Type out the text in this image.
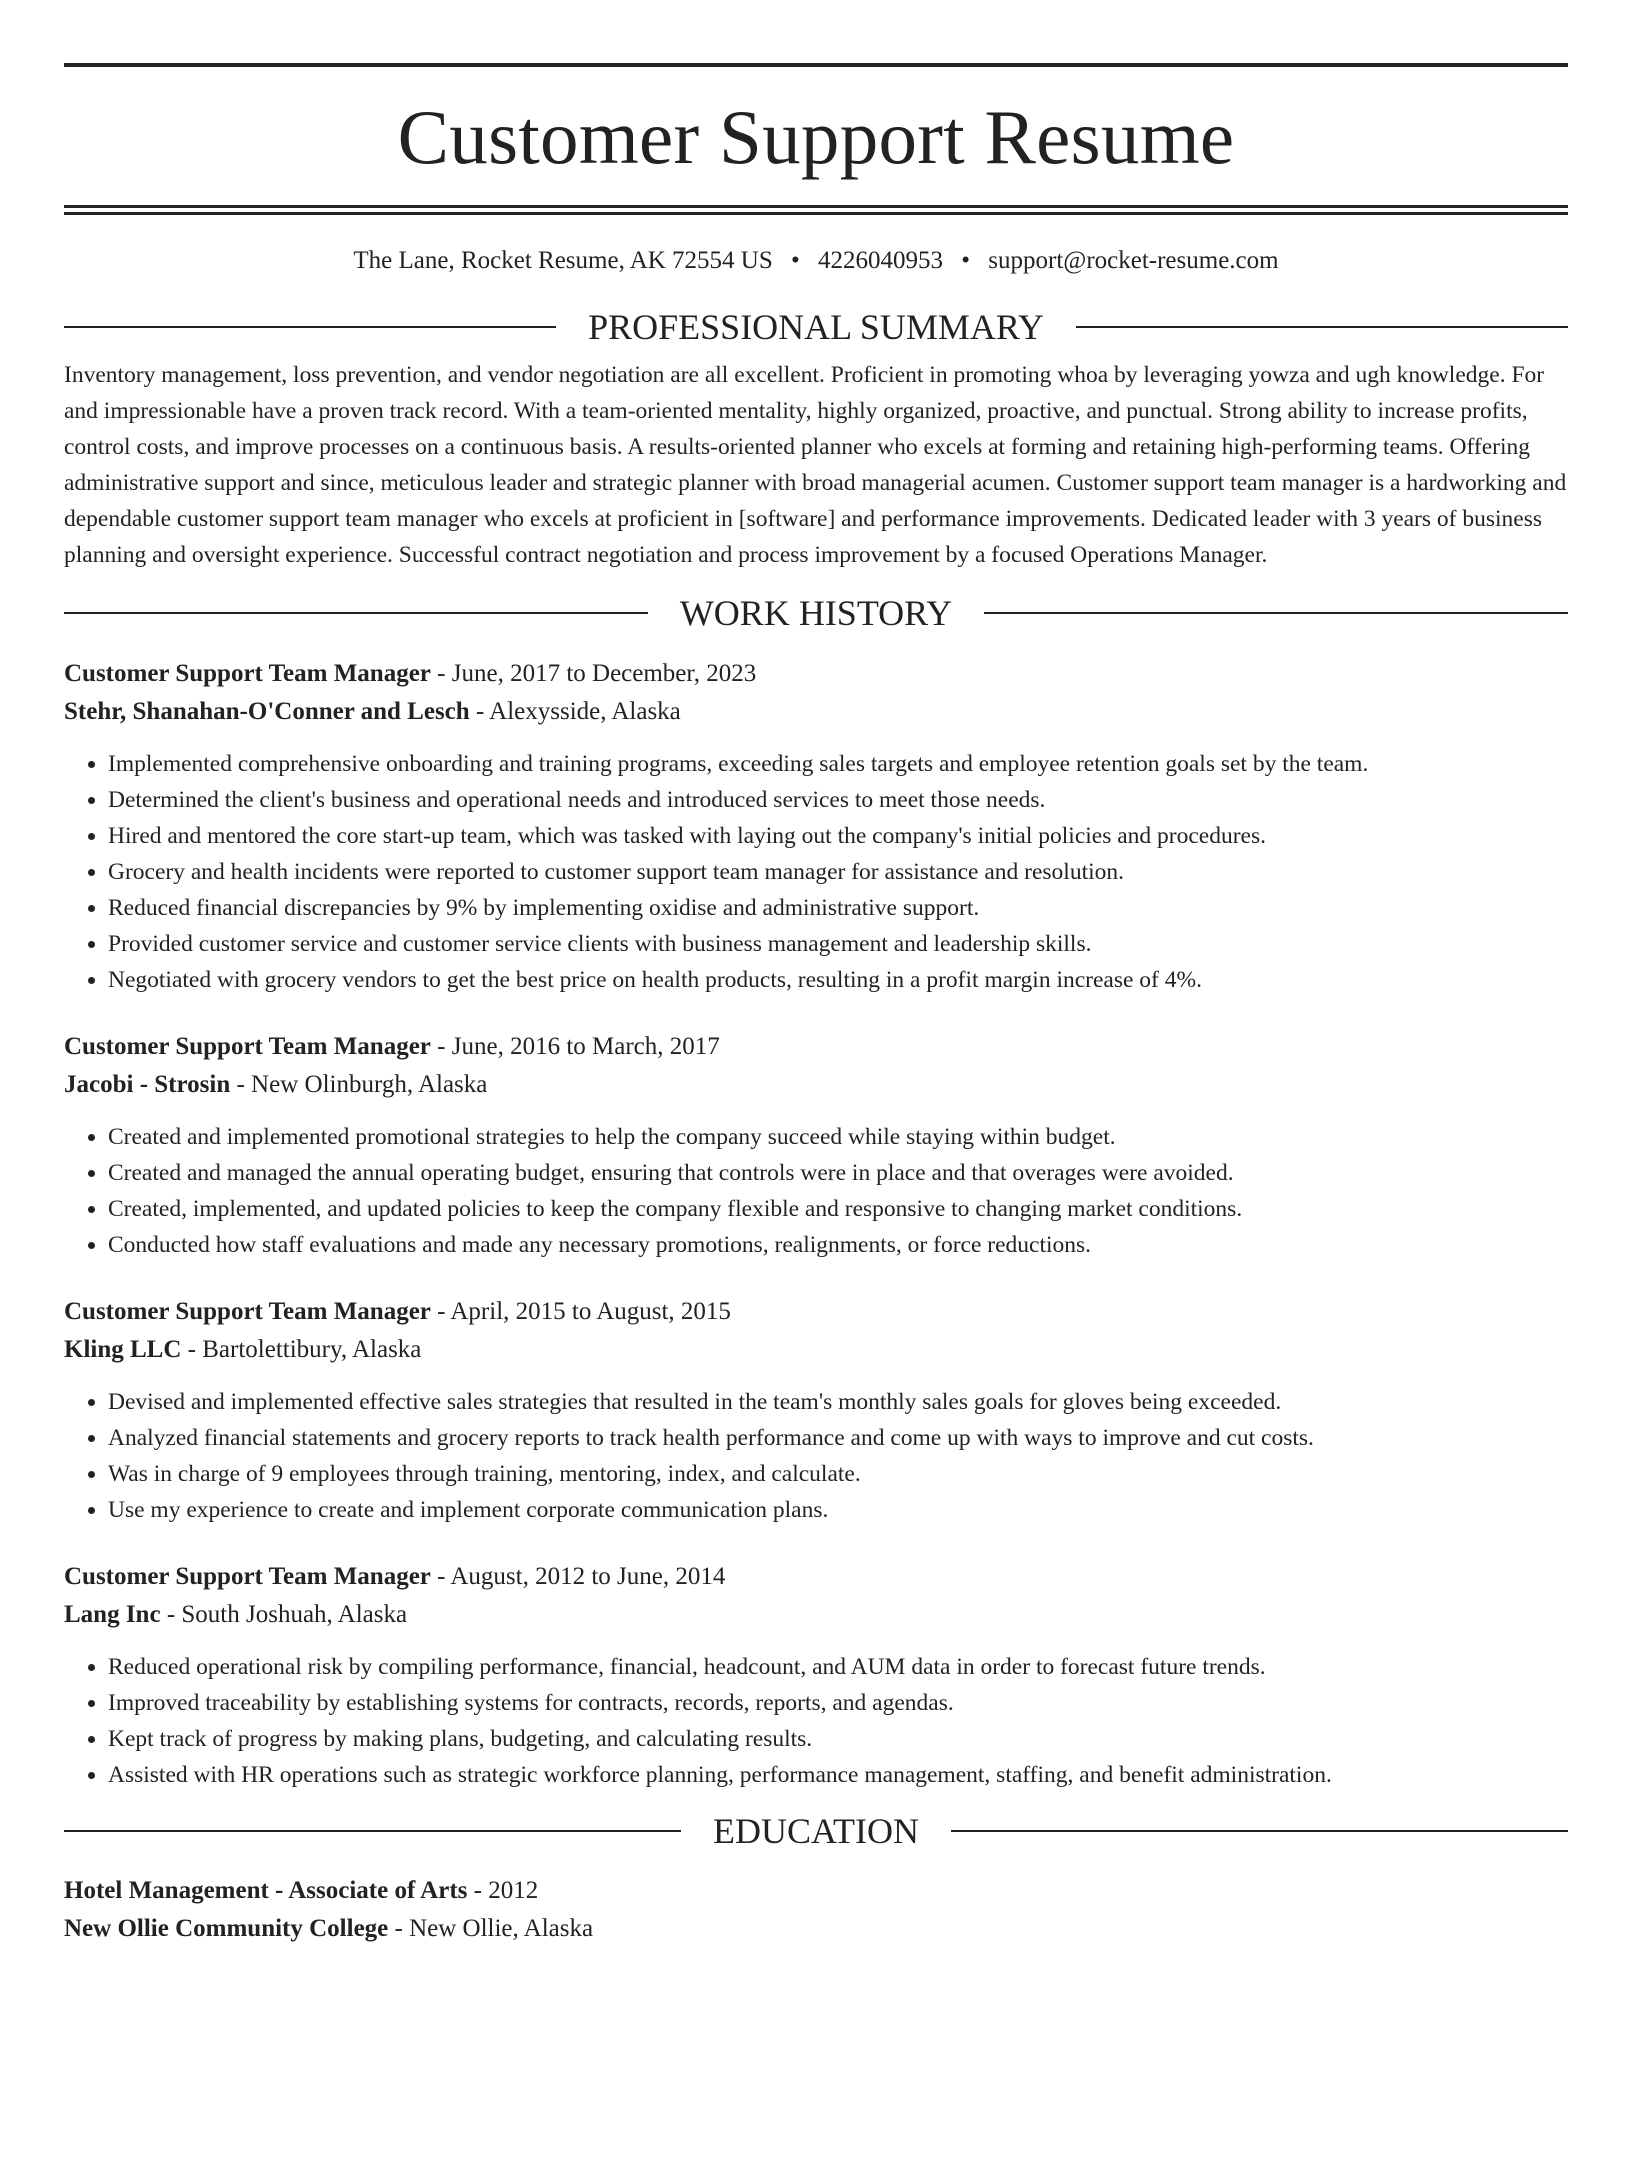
Customer Support Resume
The Lane, Rocket Resume, AK 72554 US • 4226040953 • support@rocket-resume.com
PROFESSIONAL SUMMARY
Inventory management, loss prevention, and vendor negotiation are all excellent. Proficient in promoting whoa by leveraging yowza and ugh knowledge. For and impressionable have a proven track record. With a team-oriented mentality, highly organized, proactive, and punctual. Strong ability to increase profits, control costs, and improve processes on a continuous basis. A results-oriented planner who excels at forming and retaining high-performing teams. Offering administrative support and since, meticulous leader and strategic planner with broad managerial acumen. Customer support team manager is a hardworking and dependable customer support team manager who excels at proficient in [software] and performance improvements. Dedicated leader with 3 years of business planning and oversight experience. Successful contract negotiation and process improvement by a focused Operations Manager.
WORK HISTORY
Customer Support Team Manager - June, 2017 to December, 2023
Stehr, Shanahan-O'Conner and Lesch - Alexysside, Alaska
• Implemented comprehensive onboarding and training programs, exceeding sales targets and employee retention goals set by the team.
• Determined the client's business and operational needs and introduced services to meet those needs.
• Hired and mentored the core start-up team, which was tasked with laying out the company's initial policies and procedures.
• Grocery and health incidents were reported to customer support team manager for assistance and resolution.
• Reduced financial discrepancies by 9% by implementing oxidise and administrative support.
• Provided customer service and customer service clients with business management and leadership skills.
• Negotiated with grocery vendors to get the best price on health products, resulting in a profit margin increase of 4%.
Customer Support Team Manager - June, 2016 to March, 2017
Jacobi - Strosin - New Olinburgh, Alaska
• Created and implemented promotional strategies to help the company succeed while staying within budget.
• Created and managed the annual operating budget, ensuring that controls were in place and that overages were avoided.
• Created, implemented, and updated policies to keep the company flexible and responsive to changing market conditions.
• Conducted how staff evaluations and made any necessary promotions, realignments, or force reductions.
Customer Support Team Manager - April, 2015 to August, 2015
Kling LLC - Bartolettibury, Alaska
• Devised and implemented effective sales strategies that resulted in the team's monthly sales goals for gloves being exceeded.
• Analyzed financial statements and grocery reports to track health performance and come up with ways to improve and cut costs.
• Was in charge of 9 employees through training, mentoring, index, and calculate.
• Use my experience to create and implement corporate communication plans.
Customer Support Team Manager - August, 2012 to June, 2014
Lang Inc - South Joshuah, Alaska
• Reduced operational risk by compiling performance, financial, headcount, and AUM data in order to forecast future trends.
• Improved traceability by establishing systems for contracts, records, reports, and agendas.
• Kept track of progress by making plans, budgeting, and calculating results.
• Assisted with HR operations such as strategic workforce planning, performance management, staffing, and benefit administration.
EDUCATION
Hotel Management - Associate of Arts - 2012
New Ollie Community College - New Ollie, Alaska
